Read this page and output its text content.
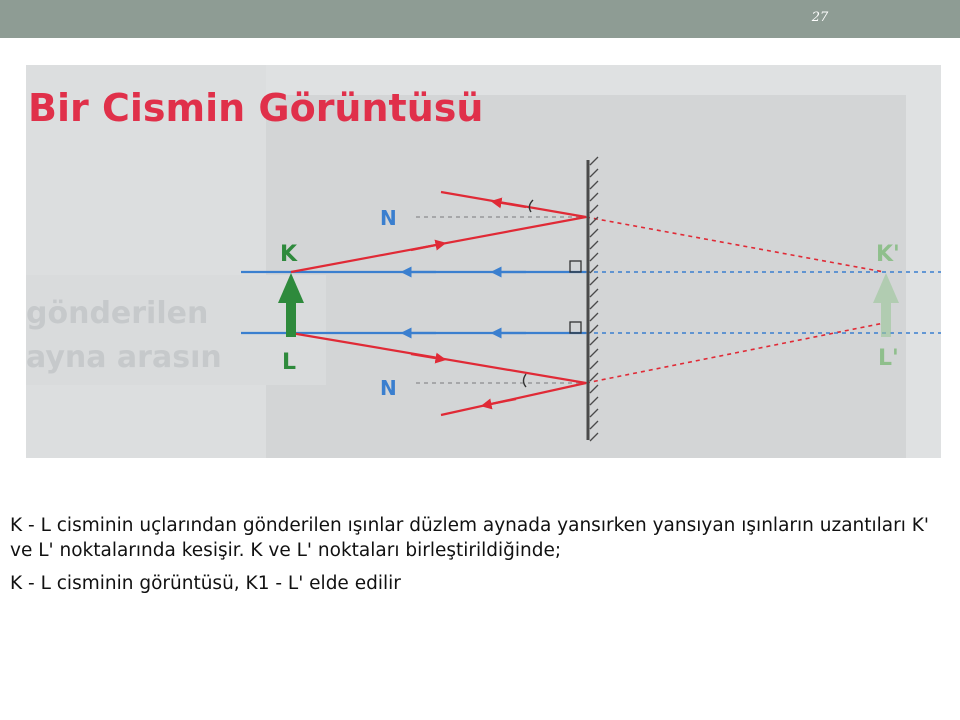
27
gönderilen
ayna arasın
Bir Cismin Görüntüsü
K
L
K'
L'
N
N

K - L cisminin uçlarından gönderilen ışınlar düzlem aynada yansırken yansıyan ışınların uzantıları K' ve L' noktalarında kesişir. K ve L' noktaları birleştirildiğinde;

K - L cisminin görüntüsü, K1 - L' elde edilir
